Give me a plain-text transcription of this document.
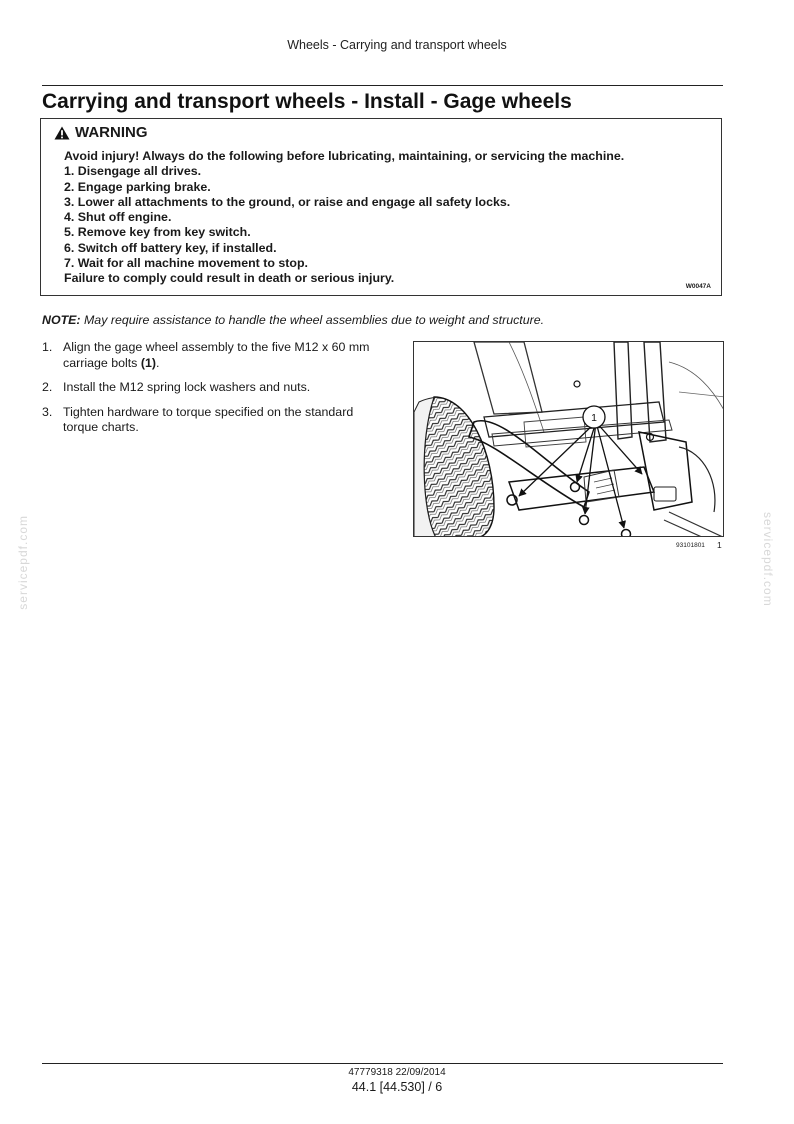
Wheels - Carrying and transport wheels
Carrying and transport wheels - Install - Gage wheels
WARNING
Avoid injury! Always do the following before lubricating, maintaining, or servicing the machine.
1. Disengage all drives.
2. Engage parking brake.
3. Lower all attachments to the ground, or raise and engage all safety locks.
4. Shut off engine.
5. Remove key from key switch.
6. Switch off battery key, if installed.
7. Wait for all machine movement to stop.
Failure to comply could result in death or serious injury.
W0047A
NOTE: May require assistance to handle the wheel assemblies due to weight and structure.
1. Align the gage wheel assembly to the five M12 x 60 mm carriage bolts (1).
2. Install the M12 spring lock washers and nuts.
3. Tighten hardware to torque specified on the standard torque charts.
1
93101801 1
servicepdf.com	servicepdf.com
47779318 22/09/2014
44.1 [44.530] / 6
